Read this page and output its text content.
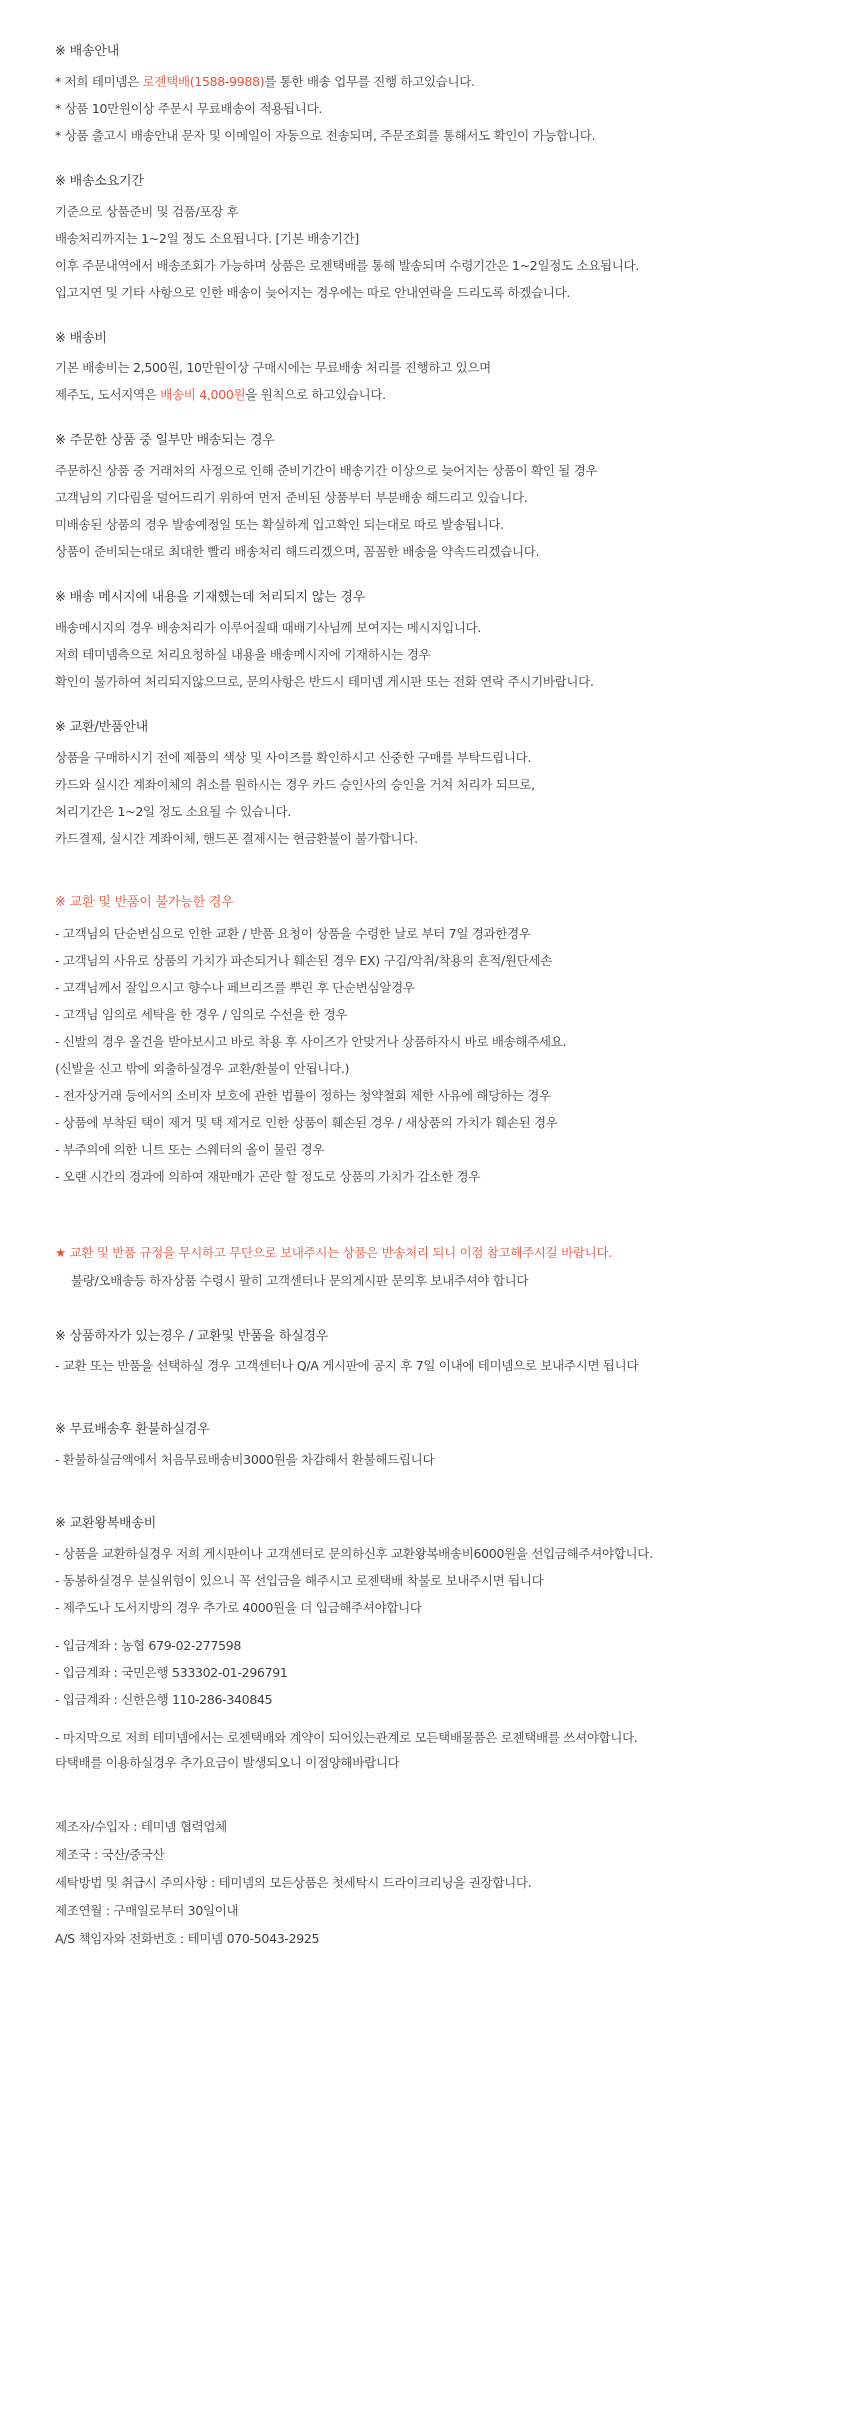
※ 배송안내
* 저희 테미넴은 로젠택배(1588-9988)를 통한 배송 업무를 진행 하고있습니다.
* 상품 10만원이상 주문시 무료배송이 적용됩니다.
* 상품 출고시 배송안내 문자 및 이메일이 자동으로 전송되며, 주문조회를 통해서도 확인이 가능합니다.
※ 배송소요기간
기준으로 상품준비 및 검품/포장 후
배송처리까지는 1~2일 정도 소요됩니다. [기본 배송기간]
이후 주문내역에서 배송조회가 가능하며 상품은 로젠택배를 통해 발송되며 수령기간은 1~2일정도 소요됩니다.
입고지연 및 기타 사항으로 인한 배송이 늦어지는 경우에는 따로 안내연락을 드리도록 하겠습니다.
※ 배송비
기본 배송비는 2,500원, 10만원이상 구매시에는 무료배송 처리를 진행하고 있으며
제주도, 도서지역은 배송비 4,000원을 원칙으로 하고있습니다.
※ 주문한 상품 중 일부만 배송되는 경우
주문하신 상품 중 거래처의 사정으로 인해 준비기간이 배송기간 이상으로 늦어지는 상품이 확인 될 경우
고객님의 기다림을 덜어드리기 위하여 먼저 준비된 상품부터 부분배송 해드리고 있습니다.
미배송된 상품의 경우 발송예정일 또는 확실하게 입고확인 되는대로 따로 발송됩니다.
상품이 준비되는대로 최대한 빨리 배송처리 해드리겠으며, 꼼꼼한 배송을 약속드리겠습니다.
※ 배송 메시지에 내용을 기재했는데 처리되지 않는 경우
배송메시지의 경우 배송처리가 이루어질때 때배기사님께 보여지는 메시지입니다.
저희 테미넴측으로 처리요청하실 내용을 배송메시지에 기재하시는 경우
확인이 불가하여 처리되지않으므로, 문의사항은 반드시 테미넴 게시판 또는 전화 연락 주시기바랍니다.
※ 교환/반품안내
상품을 구매하시기 전에 제품의 색상 및 사이즈를 확인하시고 신중한 구매를 부탁드립니다.
카드와 실시간 계좌이체의 취소를 원하시는 경우 카드 승인사의 승인을 거쳐 처리가 되므로,
처리기간은 1~2일 정도 소요될 수 있습니다.
카드결제, 실시간 계좌이체, 핸드폰 결제시는 현금환불이 불가합니다.
※ 교환 및 반품이 불가능한 경우
- 고객님의 단순변심으로 인한 교환 / 반품 요청이 상품을 수령한 날로 부터 7일 경과한경우
- 고객님의 사유로 상품의 가치가 파손되거나 훼손된 경우 EX) 구김/악취/착용의 흔적/원단세손
- 고객님께서 잘입으시고 향수나 페브리즈를 뿌린 후 단순변심알경우
- 고객님 임의로 세탁을 한 경우 / 임의로 수선을 한 경우
- 신발의 경우 올건을 받아보시고 바로 착용 후 사이즈가 안맞거나 상품하자시 바로 배송해주세요.
(신발을 신고 밖에 외출하실경우 교환/환불이 안됩니다.)
- 전자상거래 등에서의 소비자 보호에 관한 법률이 정하는 청약철회 제한 사유에 해당하는 경우
- 상품에 부착된 택이 제거 및 택 제거로 인한 상품이 훼손된 경우 / 새상품의 가치가 훼손된 경우
- 부주의에 의한 니트 또는 스웨터의 올이 물린 경우
- 오랜 시간의 경과에 의하여 재판매가 곤란 할 정도로 상품의 가치가 감소한 경우
★ 교환 및 반품 규정을 무시하고 무단으로 보내주시는 상품은 반송처리 되니 이점 참고해주시길 바랍니다.
불량/오배송등 하자상품 수령시 팔히 고객센터나 문의게시판 문의후 보내주셔야 합니다
※ 상품하자가 있는경우 / 교환및 반품을 하실경우
- 교환 또는 반품을 선택하실 경우 고객센터나 Q/A 게시판에 공지 후 7일 이내에 테미넴으로 보내주시면 됩니다
※ 무료배송후 환불하실경우
- 환불하실금액에서 처음무료배송비3000원을 차감해서 환불해드립니다
※ 교환왕복배송비
- 상품을 교환하실경우 저희 게시판이나 고객센터로 문의하신후 교환왕복배송비6000원을 선입금해주셔야합니다.
- 동봉하실경우 분실위험이 있으니 꼭 선입금을 해주시고 로젠택배 착불로 보내주시면 됩니다
- 제주도나 도서지방의 경우 추가로 4000원을 더 입금해주셔야합니다
- 입금계좌 : 농협 679-02-277598
- 입금계좌 : 국민은행 533302-01-296791
- 입금계좌 : 신한은행 110-286-340845
- 마지막으로 저희 테미넴에서는 로젠택배와 계약이 되어있는관계로 모든택배물품은 로젠택배를 쓰셔야합니다.
타택배를 이용하실경우 추가요금이 발생되오니 이점양해바랍니다
제조자/수입자 : 테미넴 협력업체
제조국 : 국산/중국산
세탁방법 및 취급시 주의사항 : 테미넴의 모든상품은 첫세탁시 드라이크리닝을 권장합니다.
제조연월 : 구매일로부터 30일이내
A/S 책임자와 전화번호 : 테미넴 070-5043-2925
